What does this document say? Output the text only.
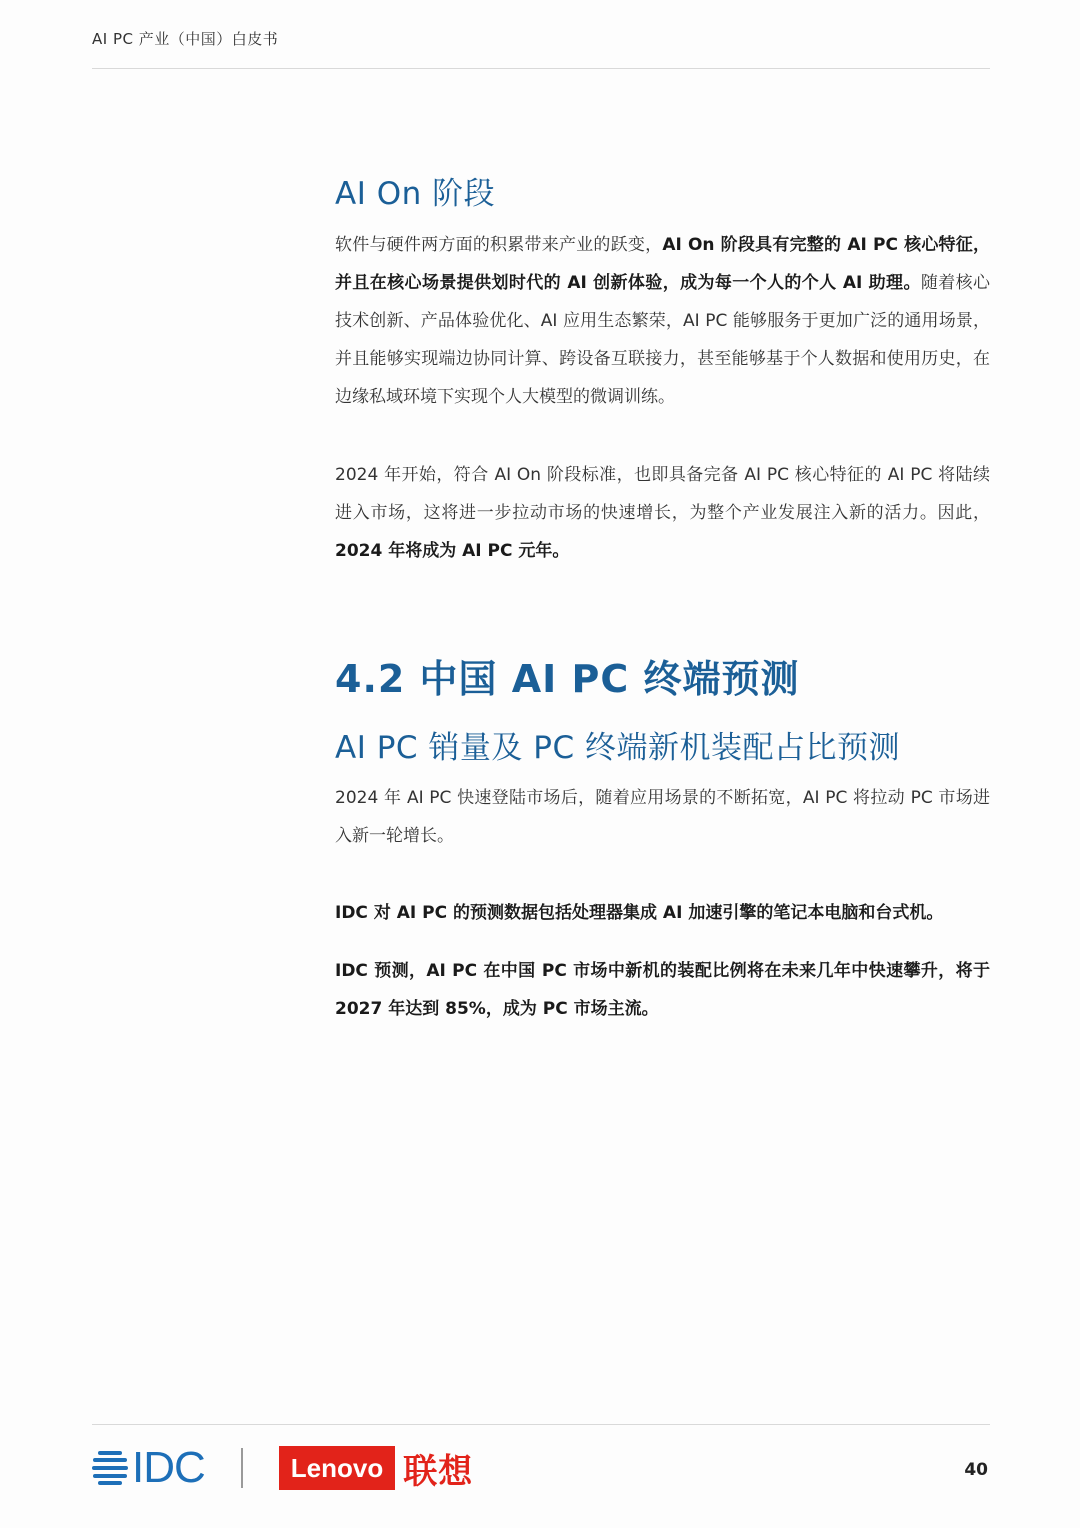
AI PC 产业（中国）白皮书
AI On 阶段

软件与硬件两方面的积累带来产业的跃变，AI On 阶段具有完整的 AI PC 核心特征，并且在核心场景提供划时代的 AI 创新体验，成为每一个人的个人 AI 助理。随着核心技术创新、产品体验优化、AI 应用生态繁荣，AI PC 能够服务于更加广泛的通用场景，并且能够实现端边协同计算、跨设备互联接力，甚至能够基于个人数据和使用历史，在边缘私域环境下实现个人大模型的微调训练。

2024 年开始，符合 AI On 阶段标准，也即具备完备 AI PC 核心特征的 AI PC 将陆续进入市场，这将进一步拉动市场的快速增长，为整个产业发展注入新的活力。因此，2024 年将成为 AI PC 元年。

4.2 中国 AI PC 终端预测
AI PC 销量及 PC 终端新机装配占比预测

2024 年 AI PC 快速登陆市场后，随着应用场景的不断拓宽，AI PC 将拉动 PC 市场进入新一轮增长。

IDC 对 AI PC 的预测数据包括处理器集成 AI 加速引擎的笔记本电脑和台式机。

IDC 预测，AI PC 在中国 PC 市场中新机的装配比例将在未来几年中快速攀升，将于 2027 年达到 85%，成为 PC 市场主流。

IDC	Lenovo 联想	40
